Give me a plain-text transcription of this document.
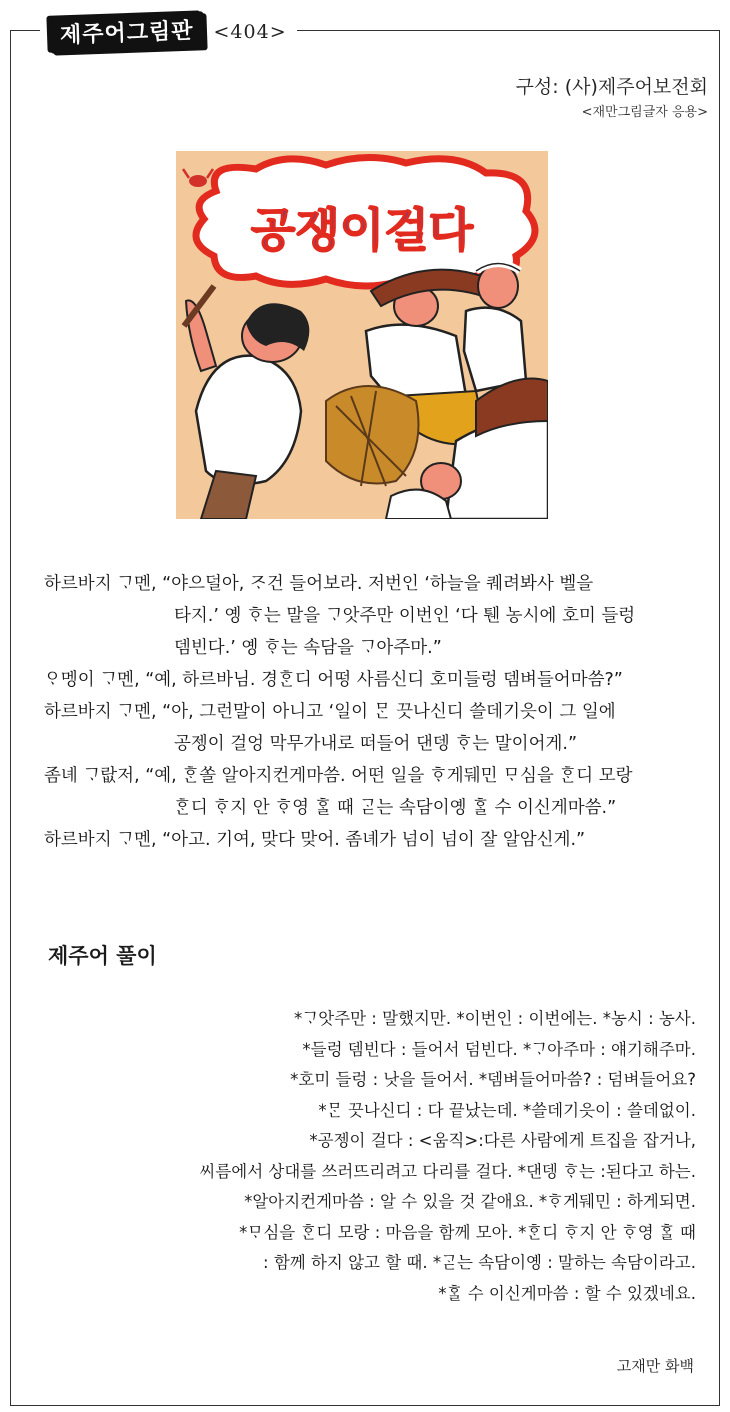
제주어그림판	<404>
구성: (사)제주어보전회
<재만그림글자 응용>
공쟁이걸다
하르바지 ᄀᆞ멘, “야으덜아, ᄌᆞ건 들어보라. 저번인 ‘하늘을 퀘려봐사 벨을
타지.’ 옝 ᄒᆞ는 말을 ᄀᆞ앗주만 이번인 ‘다 퉨 농시에 호미 들렁
뎀빈다.’ 옝 ᄒᆞ는 속담을 ᄀᆞ아주마.”
ᄋᆞ멩이 ᄀᆞ멘, “예, 하르바님. 경ᄒᆞᆫ디 어떵 사름신디 호미들렁 뎀벼들어마씀?”
하르바지 ᄀᆞ멘, “아, 그런말이 아니고 ‘일이 ᄆᆞᆫ 끗나신디 쓸데기읏이 그 일에
공젱이 걸엉 막무가내로 떠들어 댄뎅 ᄒᆞ는 말이어게.”
좀녜 ᄀᆞ랎저, “예, ᄒᆞᆫ쏠 알아지컨게마씀. 어떤 일을 ᄒᆞ게뒈민 ᄆᆞ심을 ᄒᆞᆫ디 모랑
ᄒᆞᆫ디 ᄒᆞ지 안 ᄒᆞ영 ᄒᆞᆯ 때 ᄀᆞᆮ는 속담이옝 ᄒᆞᆯ 수 이신게마씀.”
하르바지 ᄀᆞ멘, “아고. 기여, 맞다 맞어. 좀녜가 넘이 넘이 잘 알암신게.”
제주어 풀이
*ᄀᆞ앗주만 : 말했지만. *이번인 : 이번에는. *농시 : 농사.
*들렁 뎀빈다 : 들어서 덤빈다. *ᄀᆞ아주마 : 얘기해주마.
*호미 들렁 : 낫을 들어서. *뎀벼들어마씀? : 덤벼들어요?
*ᄆᆞᆫ 끗나신디 : 다 끝났는데. *쓸데기읏이 : 쓸데없이.
*공젱이 걸다 : <움직>:다른 사람에게 트집을 잡거나,
씨름에서 상대를 쓰러뜨리려고 다리를 걸다. *댄뎅 ᄒᆞ는 :된다고 하는.
*알아지컨게마씀 : 알 수 있을 것 같애요. *ᄒᆞ게뒈민 : 하게되면.
*ᄆᆞ심을 ᄒᆞᆫ디 모랑 : 마음을 함께 모아. *ᄒᆞᆫ디 ᄒᆞ지 안 ᄒᆞ영 ᄒᆞᆯ 때
: 함께 하지 않고 할 때. *ᄀᆞᆮ는 속담이옝 : 말하는 속담이라고.
*ᄒᆞᆯ 수 이신게마씀 : 할 수 있겠네요.
고재만 화백
